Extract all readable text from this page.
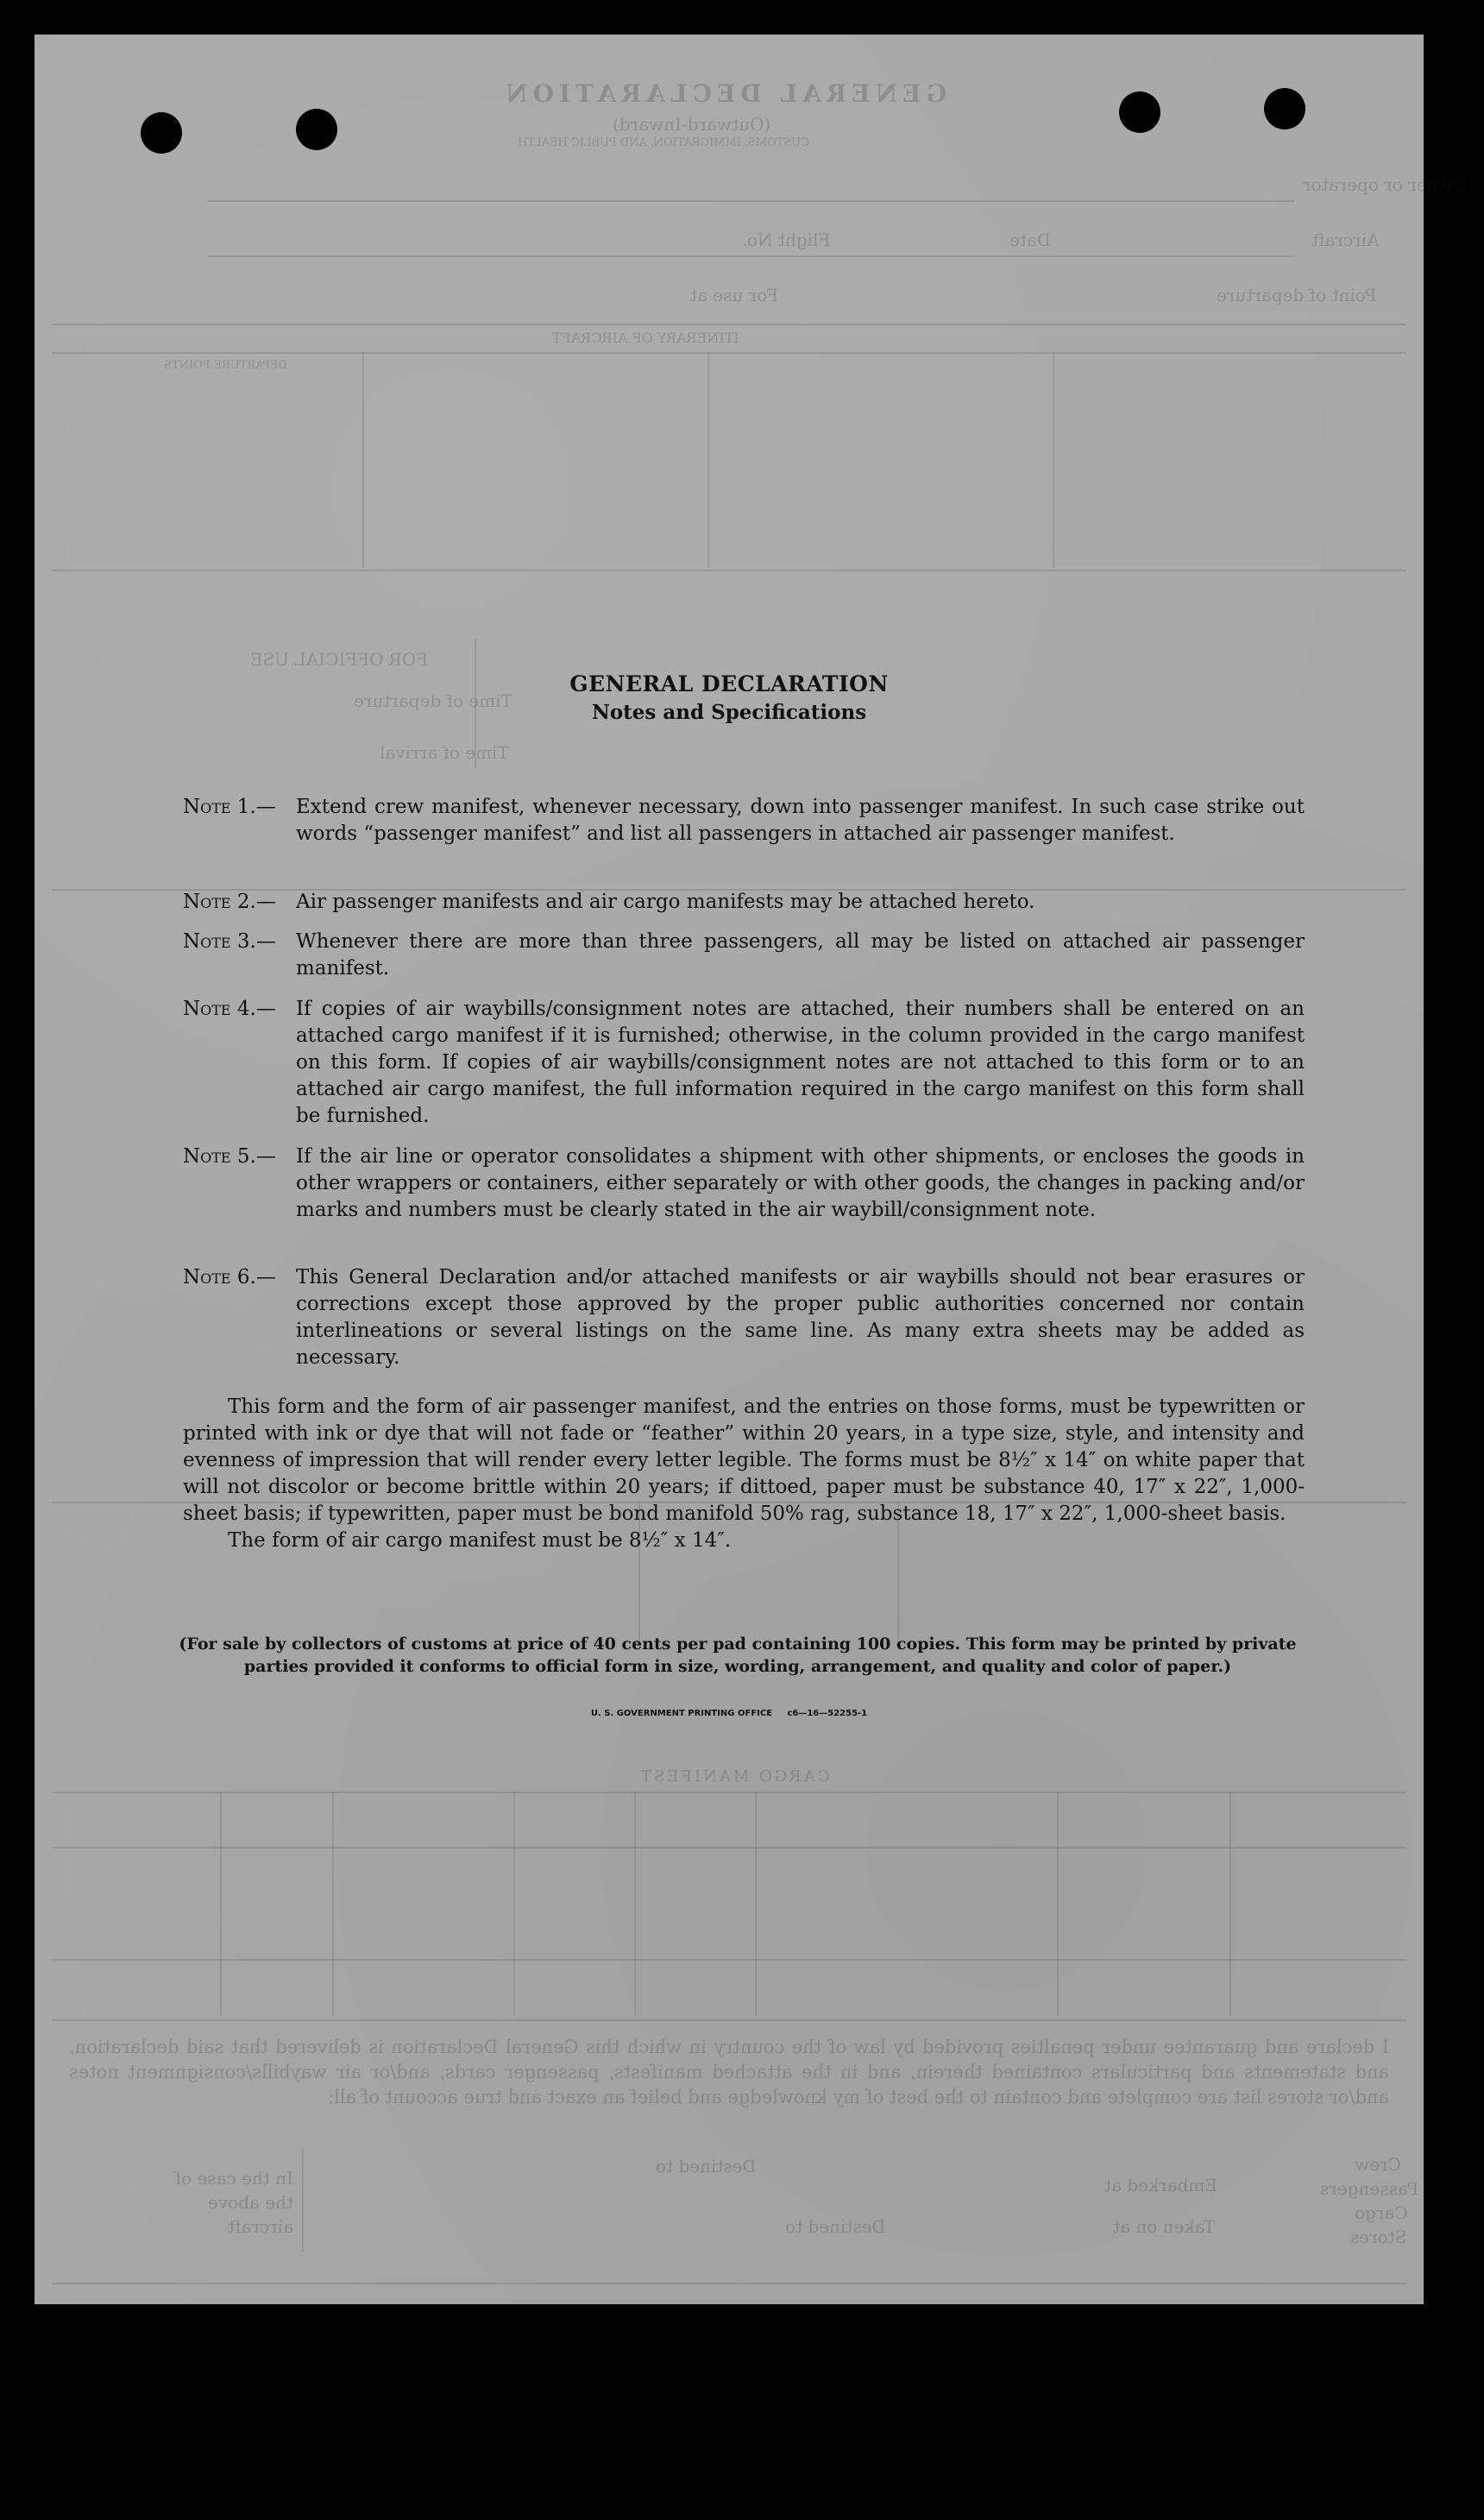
GENERAL DECLARATION
(Outward-Inward)
CUSTOMS, IMMIGRATION, AND PUBLIC HEALTH
Owner or operator
Aircraft
Flight No.	Date
Point of departure
For use at
ITINERARY OF AIRCRAFT
DEPARTURE POINTS
FOR OFFICIAL USE
Time of departure
Time of arrival
CARGO MANIFEST
I declare and guarantee under penalties provided by law of the country in which this General Declaration is delivered that said declaration, and statements and particulars contained therein, and in the attached manifests, passenger cards, and/or air waybills/consignment notes and/or stores list are complete and contain to the best of my knowledge and belief an exact and true account of all:
Crew
Passengers
Cargo
Stores
Embarked at
Destined to
Taken on at
Destined to
In the case of the above aircraft
GENERAL DECLARATION
Notes and Specifications
Note 1.—	Extend crew manifest, whenever necessary, down into passenger manifest. In such case strike out words “passenger manifest” and list all passengers in attached air passenger manifest.
Note 2.—	Air passenger manifests and air cargo manifests may be attached hereto.
Note 3.—	Whenever there are more than three passengers, all may be listed on attached air passenger manifest.
Note 4.—	If copies of air waybills/consignment notes are attached, their numbers shall be entered on an attached cargo manifest if it is furnished; otherwise, in the column provided in the cargo manifest on this form. If copies of air waybills/consignment notes are not attached to this form or to an attached air cargo manifest, the full information required in the cargo manifest on this form shall be furnished.
Note 5.—	If the air line or operator consolidates a shipment with other shipments, or encloses the goods in other wrappers or containers, either separately or with other goods, the changes in packing and/or marks and numbers must be clearly stated in the air waybill/consignment note.
Note 6.—	This General Declaration and/or attached manifests or air waybills should not bear erasures or corrections except those approved by the proper public authorities concerned nor contain interlineations or several listings on the same line. As many extra sheets may be added as necessary.
This form and the form of air passenger manifest, and the entries on those forms, must be typewritten or printed with ink or dye that will not fade or “feather” within 20 years, in a type size, style, and intensity and evenness of impression that will render every letter legible. The forms must be 8½″ x 14″ on white paper that will not discolor or become brittle within 20 years; if dittoed, paper must be substance 40, 17″ x 22″, 1,000-sheet basis; if typewritten, paper must be bond manifold 50% rag, substance 18, 17″ x 22″, 1,000-sheet basis.
The form of air cargo manifest must be 8½″ x 14″.
(For sale by collectors of customs at price of 40 cents per pad containing 100 copies. This form may be printed by private parties provided it conforms to official form in size, wording, arrangement, and quality and color of paper.)
U. S. GOVERNMENT PRINTING OFFICE     c6—16—52255-1
